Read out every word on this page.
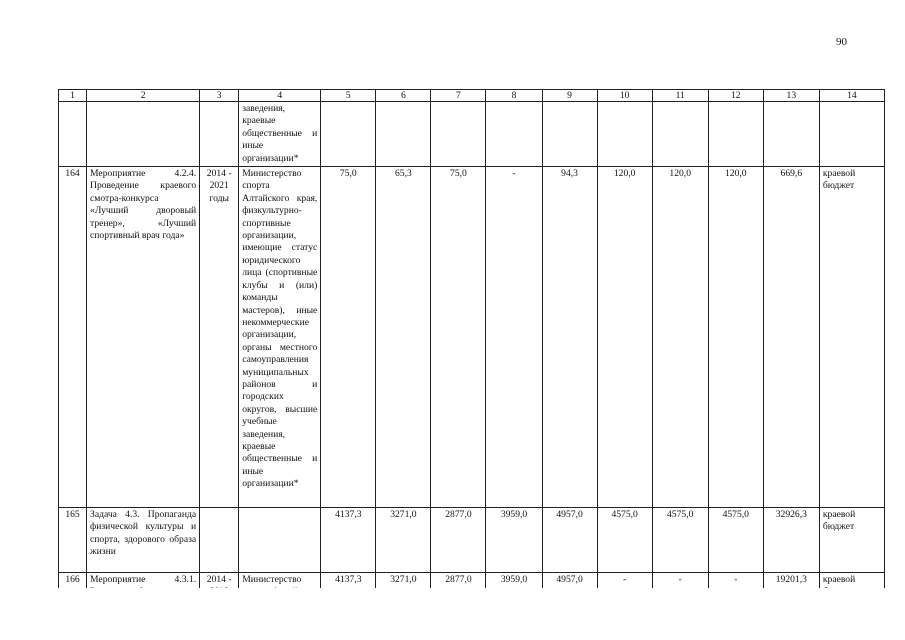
90
1	2	3	4	5	6	7	8	9	10	11	12	13	14
			заведения, краевые общественные и иные организации*										
164	Мероприятие 4.2.4. Проведение краевого смотра-конкурса «Лучший дворовый тренер», «Лучший спортивный врач года»	2014 - 2021 годы	Министерство спорта Алтайского края, физкультурно-спортивные организации, имеющие статус юридического лица (спортивные клубы и (или) команды мастеров), иные некоммерческие организации, органы местного самоуправления муниципальных районов и городских округов, высшие учебные заведения, краевые общественные и иные организации*	75,0	65,3	75,0	-	94,3	120,0	120,0	120,0	669,6	краевой бюджет
165	Задача 4.3. Пропаганда физической культуры и спорта, здорового образа жизни			4137,3	3271,0	2877,0	3959,0	4957,0	4575,0	4575,0	4575,0	32926,3	краевой бюджет
166	Мероприятие 4.3.1.	2014 -	Министерство	4137,3	3271,0	2877,0	3959,0	4957,0	-	-	-	19201,3	краевой
